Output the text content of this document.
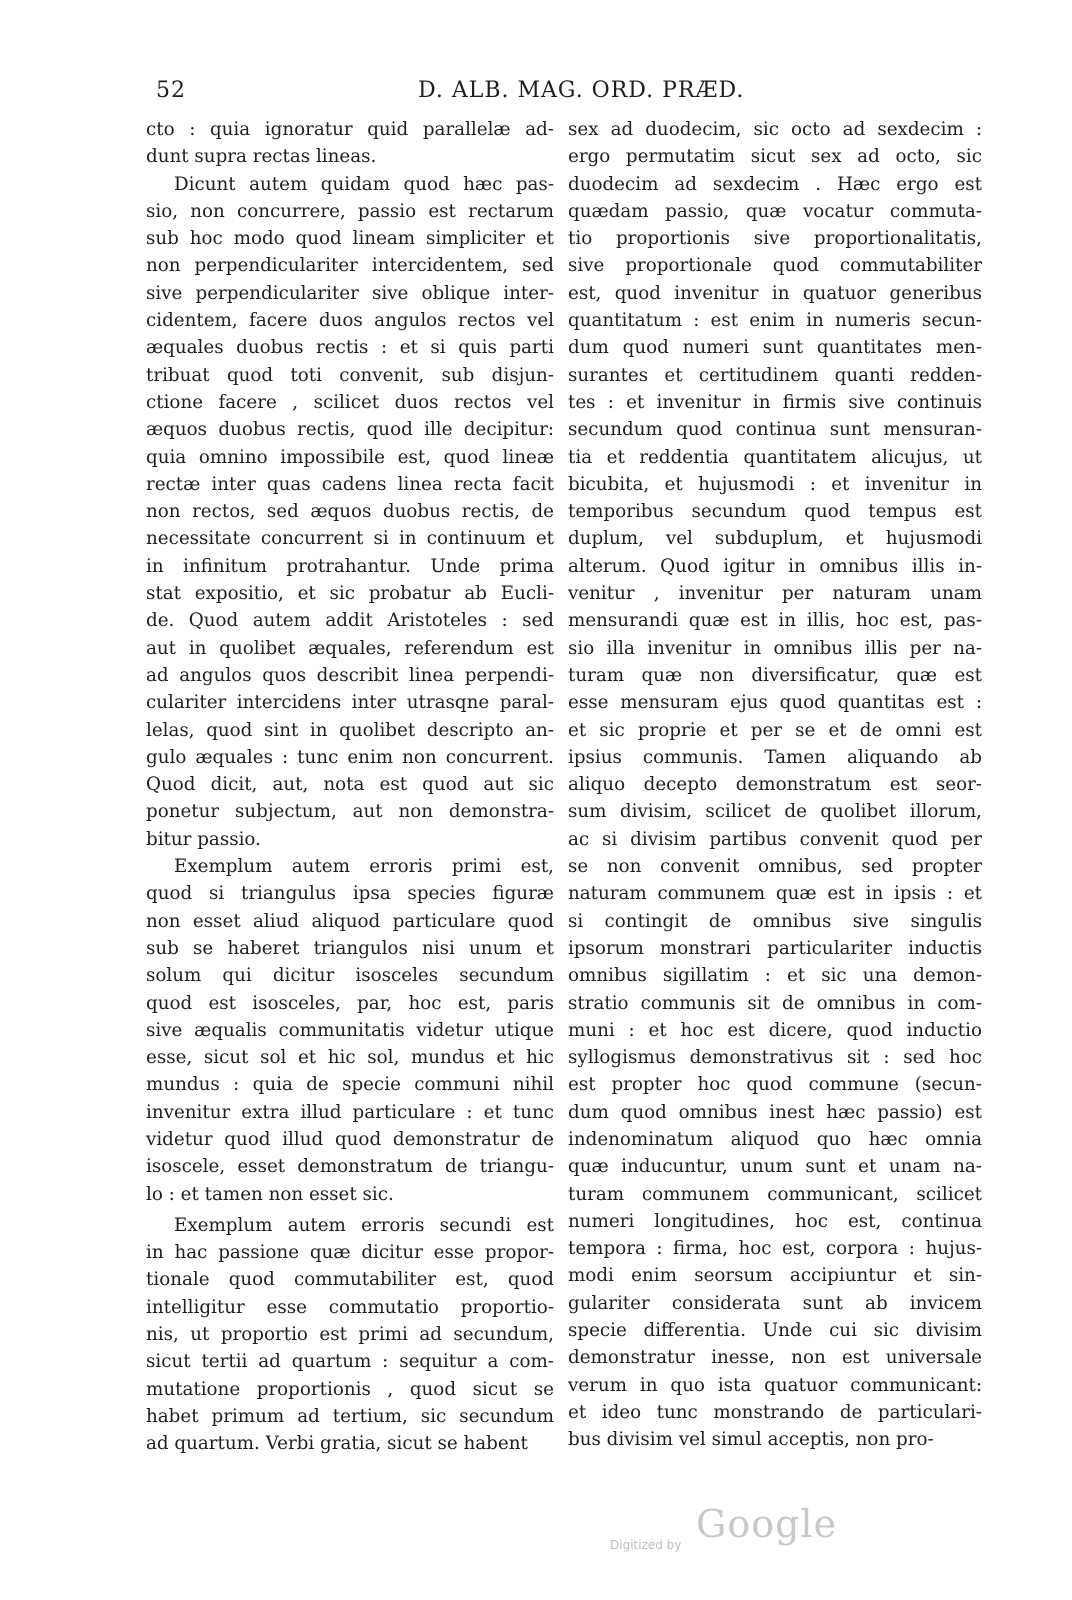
52	D. ALB. MAG. ORD. PRÆD.
cto : quia ignoratur quid parallelæ ad-
dunt supra rectas lineas.
Dicunt autem quidam quod hæc pas-
sio, non concurrere, passio est rectarum
sub hoc modo quod lineam simpliciter et
non perpendiculariter intercidentem, sed
sive perpendiculariter sive oblique inter-
cidentem, facere duos angulos rectos vel
æquales duobus rectis : et si quis parti
tribuat quod toti convenit, sub disjun-
ctione facere , scilicet duos rectos vel
æquos duobus rectis, quod ille decipitur:
quia omnino impossibile est, quod lineæ
rectæ inter quas cadens linea recta facit
non rectos, sed æquos duobus rectis, de
necessitate concurrent si in continuum et
in infinitum protrahantur. Unde prima
stat expositio, et sic probatur ab Eucli-
de. Quod autem addit Aristoteles : sed
aut in quolibet æquales, referendum est
ad angulos quos describit linea perpendi-
culariter intercidens inter utrasqne paral-
lelas, quod sint in quolibet descripto an-
gulo æquales : tunc enim non concurrent.
Quod dicit, aut, nota est quod aut sic
ponetur subjectum, aut non demonstra-
bitur passio.
Exemplum autem erroris primi est,
quod si triangulus ipsa species figuræ
non esset aliud aliquod particulare quod
sub se haberet triangulos nisi unum et
solum qui dicitur isosceles secundum
quod est isosceles, par, hoc est, paris
sive æqualis communitatis videtur utique
esse, sicut sol et hic sol, mundus et hic
mundus : quia de specie communi nihil
invenitur extra illud particulare : et tunc
videtur quod illud quod demonstratur de
isoscele, esset demonstratum de triangu-
lo : et tamen non esset sic.
Exemplum autem erroris secundi est
in hac passione quæ dicitur esse propor-
tionale quod commutabiliter est, quod
intelligitur esse commutatio proportio-
nis, ut proportio est primi ad secundum,
sicut tertii ad quartum : sequitur a com-
mutatione proportionis , quod sicut se
habet primum ad tertium, sic secundum
ad quartum. Verbi gratia, sicut se habent
sex ad duodecim, sic octo ad sexdecim :
ergo permutatim sicut sex ad octo, sic
duodecim ad sexdecim . Hæc ergo est
quædam passio, quæ vocatur commuta-
tio proportionis sive proportionalitatis,
sive proportionale quod commutabiliter
est, quod invenitur in quatuor generibus
quantitatum : est enim in numeris secun-
dum quod numeri sunt quantitates men-
surantes et certitudinem quanti redden-
tes : et invenitur in firmis sive continuis
secundum quod continua sunt mensuran-
tia et reddentia quantitatem alicujus, ut
bicubita, et hujusmodi : et invenitur in
temporibus secundum quod tempus est
duplum, vel subduplum, et hujusmodi
alterum. Quod igitur in omnibus illis in-
venitur , invenitur per naturam unam
mensurandi quæ est in illis, hoc est, pas-
sio illa invenitur in omnibus illis per na-
turam quæ non diversificatur, quæ est
esse mensuram ejus quod quantitas est :
et sic proprie et per se et de omni est
ipsius communis. Tamen aliquando ab
aliquo decepto demonstratum est seor-
sum divisim, scilicet de quolibet illorum,
ac si divisim partibus convenit quod per
se non convenit omnibus, sed propter
naturam communem quæ est in ipsis : et
si contingit de omnibus sive singulis
ipsorum monstrari particulariter inductis
omnibus sigillatim : et sic una demon-
stratio communis sit de omnibus in com-
muni : et hoc est dicere, quod inductio
syllogismus demonstrativus sit : sed hoc
est propter hoc quod commune (secun-
dum quod omnibus inest hæc passio) est
indenominatum aliquod quo hæc omnia
quæ inducuntur, unum sunt et unam na-
turam communem communicant, scilicet
numeri longitudines, hoc est, continua
tempora : firma, hoc est, corpora : hujus-
modi enim seorsum accipiuntur et sin-
gulariter considerata sunt ab invicem
specie differentia. Unde cui sic divisim
demonstratur inesse, non est universale
verum in quo ista quatuor communicant:
et ideo tunc monstrando de particulari-
bus divisim vel simul acceptis, non pro-
Digitized by Google
